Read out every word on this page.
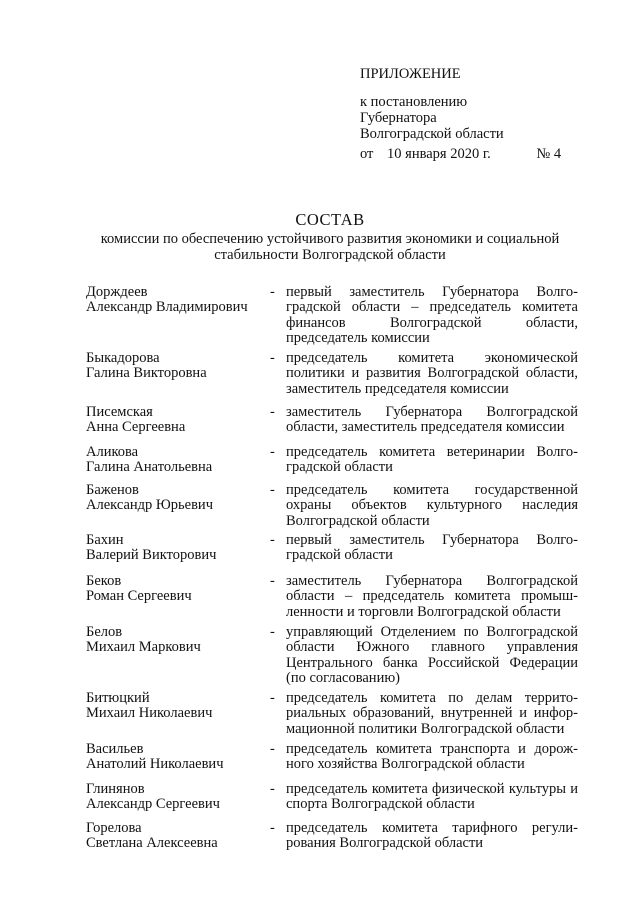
ПРИЛОЖЕНИЕ
к постановлению
Губернатора
Волгоградской области
от 10 января 2020 г.	№ 4
СОСТАВ
комиссии по обеспечению устойчивого развития экономики и социальной стабильности Волгоградской области
Дорждеев
Александр Владимирович
- первый заместитель Губернатора Волгоградской области – председатель комитета финансов Волгоградской области, председатель комиссии
Быкадорова
Галина Викторовна
- председатель комитета экономической политики и развития Волгоградской области, заместитель председателя комиссии
Писемская
Анна Сергеевна
- заместитель Губернатора Волгоградской области, заместитель председателя комиссии
Аликова
Галина Анатольевна
- председатель комитета ветеринарии Волгоградской области
Баженов
Александр Юрьевич
- председатель комитета государственной охраны объектов культурного наследия Волгоградской области
Бахин
Валерий Викторович
- первый заместитель Губернатора Волгоградской области
Беков
Роман Сергеевич
- заместитель Губернатора Волгоградской области – председатель комитета промышленности и торговли Волгоградской области
Белов
Михаил Маркович
- управляющий Отделением по Волгоградской области Южного главного управления Центрального банка Российской Федерации (по согласованию)
Битюцкий
Михаил Николаевич
- председатель комитета по делам территориальных образований, внутренней и информационной политики Волгоградской области
Васильев
Анатолий Николаевич
- председатель комитета транспорта и дорожного хозяйства Волгоградской области
Глинянов
Александр Сергеевич
- председатель комитета физической культуры и спорта Волгоградской области
Горелова
Светлана Алексеевна
- председатель комитета тарифного регулирования Волгоградской области
